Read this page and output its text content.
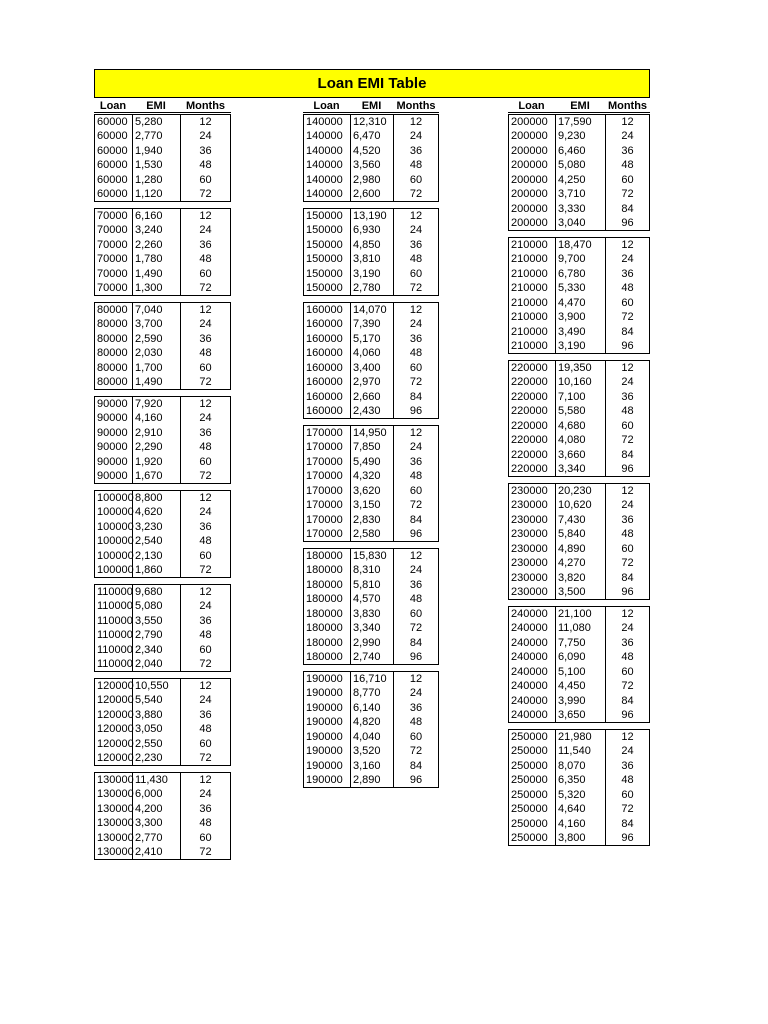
Loan EMI Table
Loan	EMI	Months
60000 5,280	12
60000 2,770	24
60000 1,940	36
60000 1,530	48
60000 1,280	60
60000 1,120	72
70000 6,160	12
70000 3,240	24
70000 2,260	36
70000 1,780	48
70000 1,490	60
70000 1,300	72
80000 7,040	12
80000 3,700	24
80000 2,590	36
80000 2,030	48
80000 1,700	60
80000 1,490	72
90000 7,920	12
90000 4,160	24
90000 2,910	36
90000 2,290	48
90000 1,920	60
90000 1,670	72
100000 8,800	12
100000 4,620	24
100000 3,230	36
100000 2,540	48
100000 2,130	60
100000 1,860	72
110000 9,680	12
110000 5,080	24
110000 3,550	36
110000 2,790	48
110000 2,340	60
110000 2,040	72
120000 10,550	12
120000 5,540	24
120000 3,880	36
120000 3,050	48
120000 2,550	60
120000 2,230	72
130000 11,430	12
130000 6,000	24
130000 4,200	36
130000 3,300	48
130000 2,770	60
130000 2,410	72
Loan	EMI	Months
140000 12,310	12
140000 6,470	24
140000 4,520	36
140000 3,560	48
140000 2,980	60
140000 2,600	72
150000 13,190	12
150000 6,930	24
150000 4,850	36
150000 3,810	48
150000 3,190	60
150000 2,780	72
160000 14,070	12
160000 7,390	24
160000 5,170	36
160000 4,060	48
160000 3,400	60
160000 2,970	72
160000 2,660	84
160000 2,430	96
170000 14,950	12
170000 7,850	24
170000 5,490	36
170000 4,320	48
170000 3,620	60
170000 3,150	72
170000 2,830	84
170000 2,580	96
180000 15,830	12
180000 8,310	24
180000 5,810	36
180000 4,570	48
180000 3,830	60
180000 3,340	72
180000 2,990	84
180000 2,740	96
190000 16,710	12
190000 8,770	24
190000 6,140	36
190000 4,820	48
190000 4,040	60
190000 3,520	72
190000 3,160	84
190000 2,890	96
Loan	EMI	Months
200000 17,590	12
200000 9,230	24
200000 6,460	36
200000 5,080	48
200000 4,250	60
200000 3,710	72
200000 3,330	84
200000 3,040	96
210000 18,470	12
210000 9,700	24
210000 6,780	36
210000 5,330	48
210000 4,470	60
210000 3,900	72
210000 3,490	84
210000 3,190	96
220000 19,350	12
220000 10,160	24
220000 7,100	36
220000 5,580	48
220000 4,680	60
220000 4,080	72
220000 3,660	84
220000 3,340	96
230000 20,230	12
230000 10,620	24
230000 7,430	36
230000 5,840	48
230000 4,890	60
230000 4,270	72
230000 3,820	84
230000 3,500	96
240000 21,100	12
240000 11,080	24
240000 7,750	36
240000 6,090	48
240000 5,100	60
240000 4,450	72
240000 3,990	84
240000 3,650	96
250000 21,980	12
250000 11,540	24
250000 8,070	36
250000 6,350	48
250000 5,320	60
250000 4,640	72
250000 4,160	84
250000 3,800	96
